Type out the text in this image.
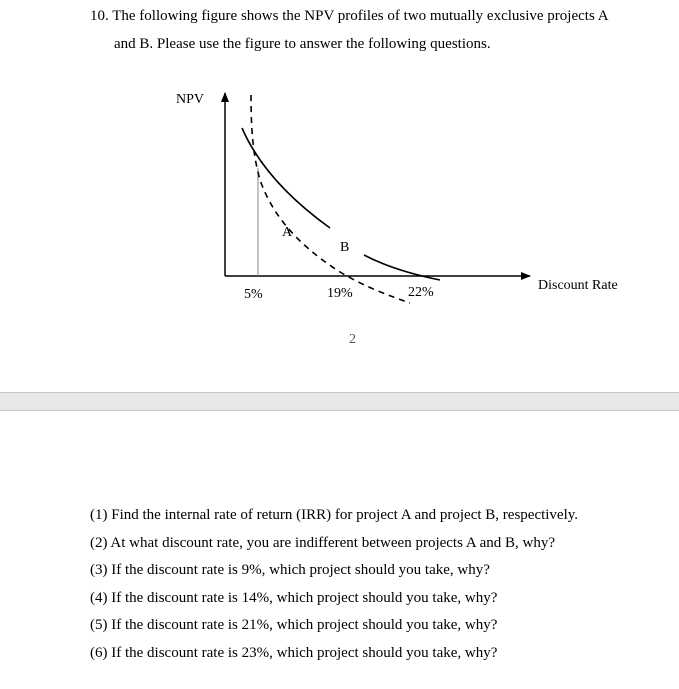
10. The following figure shows the NPV profiles of two mutually exclusive projects A
and B. Please use the figure to answer the following questions.
NPV
Discount Rate
A
B
5%	19%	22%
2
(1) Find the internal rate of return (IRR) for project A and project B, respectively.
(2) At what discount rate, you are indifferent between projects A and B, why?
(3) If the discount rate is 9%, which project should you take, why?
(4) If the discount rate is 14%, which project should you take, why?
(5) If the discount rate is 21%, which project should you take, why?
(6) If the discount rate is 23%, which project should you take, why?
